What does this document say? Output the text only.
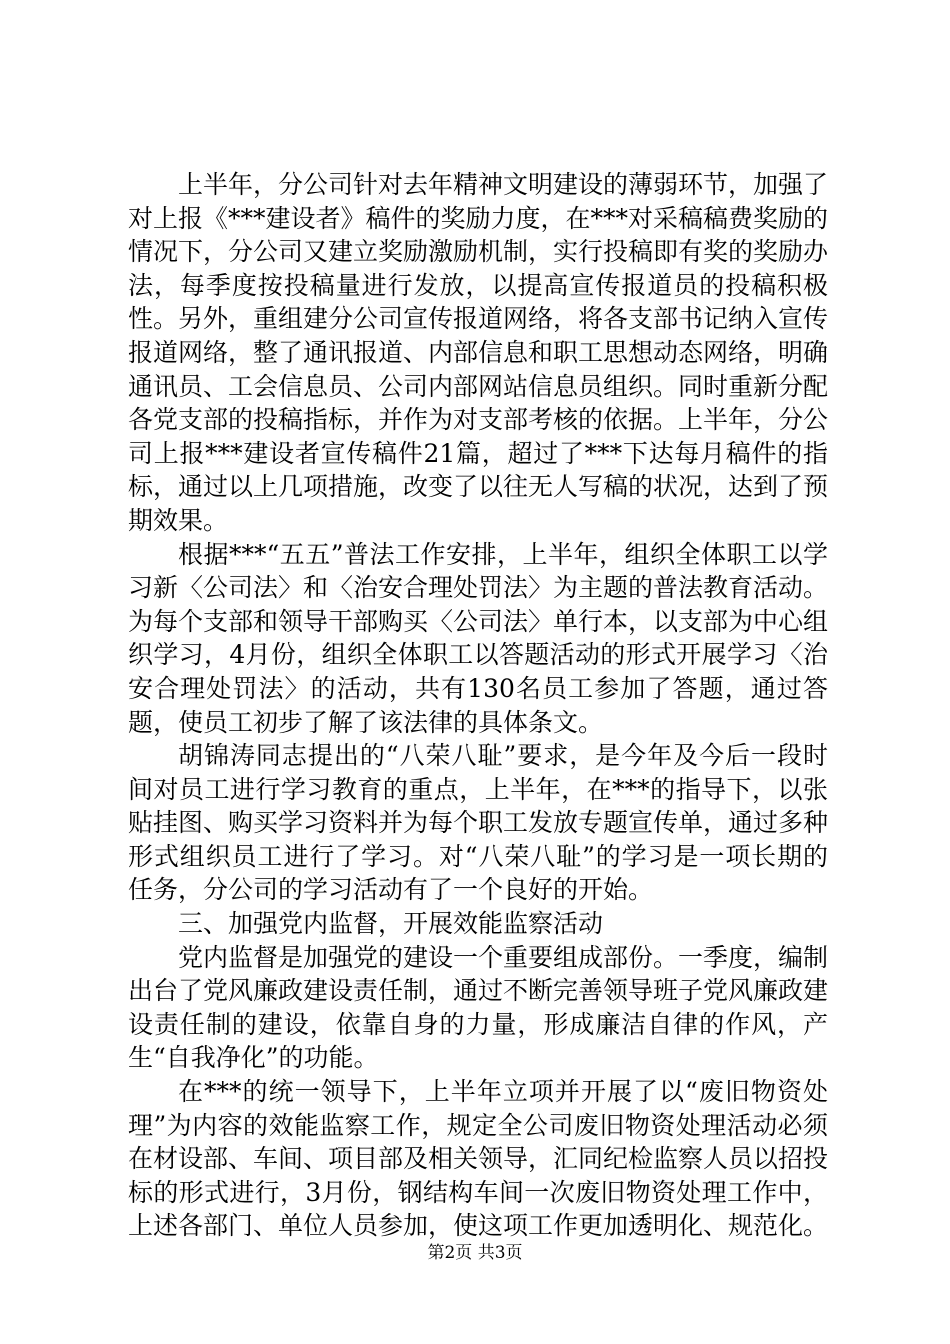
上半年，分公司针对去年精神文明建设的薄弱环节，加强了对上报《***建设者》稿件的奖励力度，在***对采稿稿费奖励的情况下，分公司又建立奖励激励机制，实行投稿即有奖的奖励办法，每季度按投稿量进行发放，以提高宣传报道员的投稿积极性。另外，重组建分公司宣传报道网络，将各支部书记纳入宣传报道网络，整了通讯报道、内部信息和职工思想动态网络，明确通讯员、工会信息员、公司内部网站信息员组织。同时重新分配各党支部的投稿指标，并作为对支部考核的依据。上半年，分公司上报***建设者宣传稿件21篇，超过了***下达每月稿件的指标，通过以上几项措施，改变了以往无人写稿的状况，达到了预期效果。

根据***“五五”普法工作安排，上半年，组织全体职工以学习新〈公司法〉和〈治安合理处罚法〉为主题的普法教育活动。为每个支部和领导干部购买〈公司法〉单行本，以支部为中心组织学习，4月份，组织全体职工以答题活动的形式开展学习〈治安合理处罚法〉的活动，共有130名员工参加了答题，通过答题，使员工初步了解了该法律的具体条文。

胡锦涛同志提出的“八荣八耻”要求，是今年及今后一段时间对员工进行学习教育的重点，上半年，在***的指导下，以张贴挂图、购买学习资料并为每个职工发放专题宣传单，通过多种形式组织员工进行了学习。对“八荣八耻”的学习是一项长期的任务，分公司的学习活动有了一个良好的开始。

三、加强党内监督，开展效能监察活动

党内监督是加强党的建设一个重要组成部份。一季度，编制出台了党风廉政建设责任制，通过不断完善领导班子党风廉政建设责任制的建设，依靠自身的力量，形成廉洁自律的作风，产生“自我净化”的功能。

在***的统一领导下，上半年立项并开展了以“废旧物资处理”为内容的效能监察工作，规定全公司废旧物资处理活动必须在材设部、车间、项目部及相关领导，汇同纪检监察人员以招投标的形式进行，3月份，钢结构车间一次废旧物资处理工作中，上述各部门、单位人员参加，使这项工作更加透明化、规范化。

第2页 共3页
